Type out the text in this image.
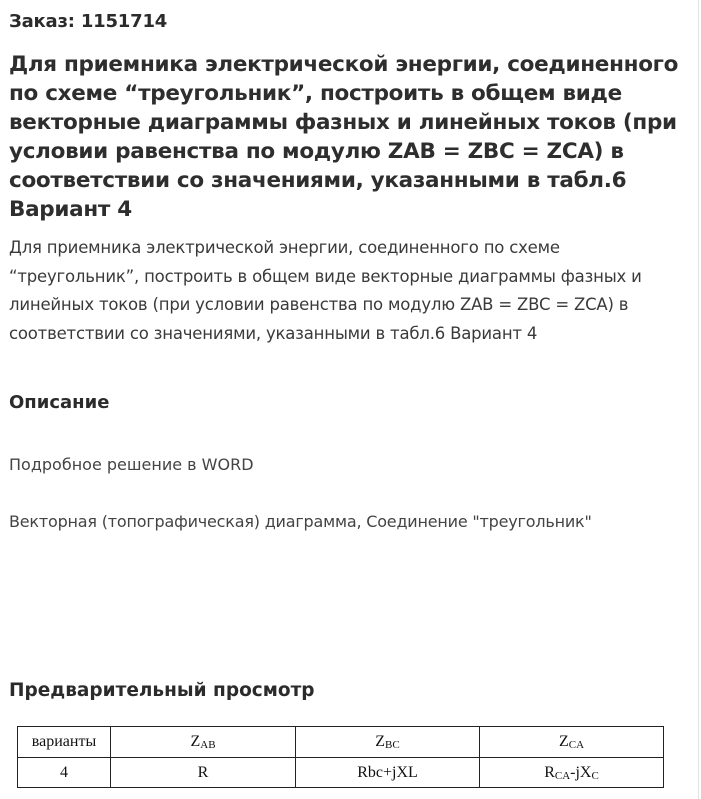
Заказ: 1151714
Для приемника электрической энергии, соединенного по схеме “треугольник”, построить в общем виде векторные диаграммы фазных и линейных токов (при условии равенства по модулю ZAB = ZBC = ZCA) в соответствии со значениями, указанными в табл.6 Вариант 4

Для приемника электрической энергии, соединенного по схеме “треугольник”, построить в общем виде векторные диаграммы фазных и линейных токов (при условии равенства по модулю ZAB = ZBC = ZCA) в соответствии со значениями, указанными в табл.6 Вариант 4

Описание

Подробное решение в WORD

Векторная (топографическая) диаграмма, Соединение "треугольник"

Предварительный просмотр
варианты	$Z_{AB}$	$Z_{BC}$	$Z_{CA}$
4	R	Rbc+jXL	$R_{CA}-jX_C$
